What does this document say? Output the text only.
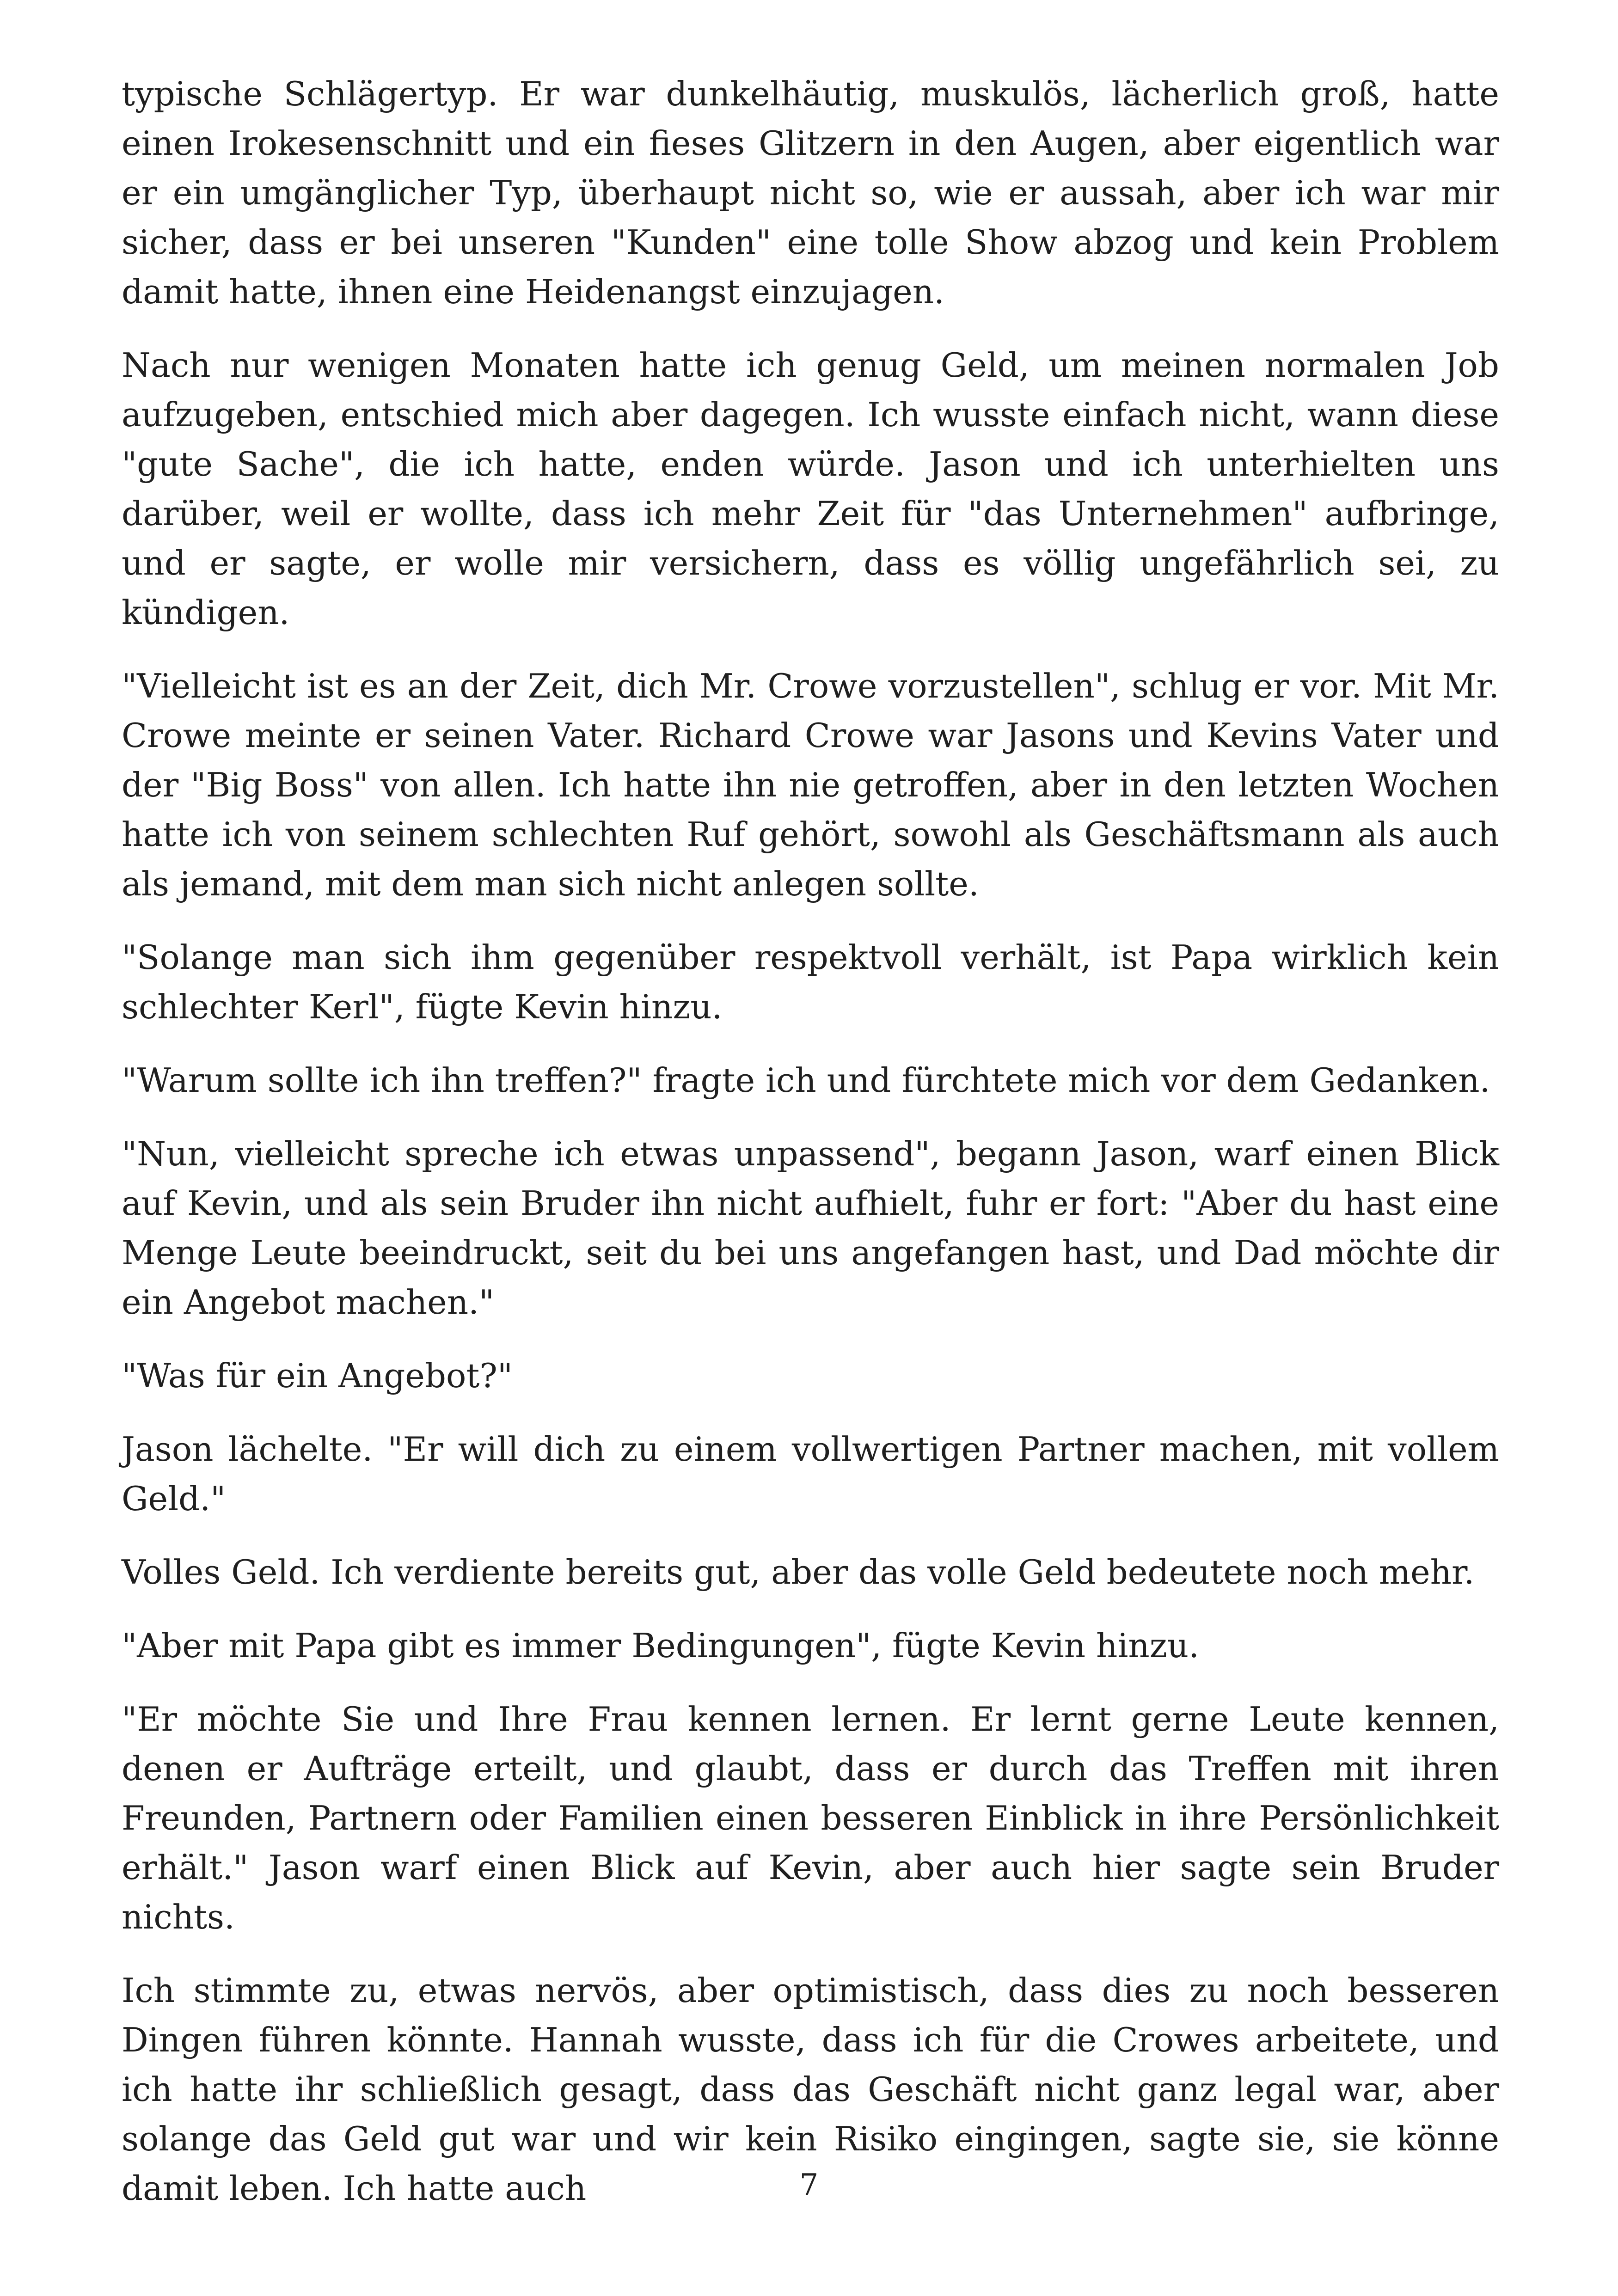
typische Schlägertyp. Er war dunkelhäutig, muskulös, lächerlich groß, hatte einen Irokesenschnitt und ein fieses Glitzern in den Augen, aber eigentlich war er ein umgänglicher Typ, überhaupt nicht so, wie er aussah, aber ich war mir sicher, dass er bei unseren "Kunden" eine tolle Show abzog und kein Problem damit hatte, ihnen eine Heidenangst einzujagen.

Nach nur wenigen Monaten hatte ich genug Geld, um meinen normalen Job aufzugeben, entschied mich aber dagegen. Ich wusste einfach nicht, wann diese "gute Sache", die ich hatte, enden würde. Jason und ich unterhielten uns darüber, weil er wollte, dass ich mehr Zeit für "das Unternehmen" aufbringe, und er sagte, er wolle mir versichern, dass es völlig ungefährlich sei, zu kündigen.

"Vielleicht ist es an der Zeit, dich Mr. Crowe vorzustellen", schlug er vor. Mit Mr. Crowe meinte er seinen Vater. Richard Crowe war Jasons und Kevins Vater und der "Big Boss" von allen. Ich hatte ihn nie getroffen, aber in den letzten Wochen hatte ich von seinem schlechten Ruf gehört, sowohl als Geschäftsmann als auch als jemand, mit dem man sich nicht anlegen sollte.

"Solange man sich ihm gegenüber respektvoll verhält, ist Papa wirklich kein schlechter Kerl", fügte Kevin hinzu.

"Warum sollte ich ihn treffen?" fragte ich und fürchtete mich vor dem Gedanken.

"Nun, vielleicht spreche ich etwas unpassend", begann Jason, warf einen Blick auf Kevin, und als sein Bruder ihn nicht aufhielt, fuhr er fort: "Aber du hast eine Menge Leute beeindruckt, seit du bei uns angefangen hast, und Dad möchte dir ein Angebot machen."

"Was für ein Angebot?"

Jason lächelte. "Er will dich zu einem vollwertigen Partner machen, mit vollem Geld."

Volles Geld. Ich verdiente bereits gut, aber das volle Geld bedeutete noch mehr.

"Aber mit Papa gibt es immer Bedingungen", fügte Kevin hinzu.

"Er möchte Sie und Ihre Frau kennen lernen. Er lernt gerne Leute kennen, denen er Aufträge erteilt, und glaubt, dass er durch das Treffen mit ihren Freunden, Partnern oder Familien einen besseren Einblick in ihre Persönlichkeit erhält." Jason warf einen Blick auf Kevin, aber auch hier sagte sein Bruder nichts.

Ich stimmte zu, etwas nervös, aber optimistisch, dass dies zu noch besseren Dingen führen könnte. Hannah wusste, dass ich für die Crowes arbeitete, und ich hatte ihr schließlich gesagt, dass das Geschäft nicht ganz legal war, aber solange das Geld gut war und wir kein Risiko eingingen, sagte sie, sie könne damit leben. Ich hatte auch	7
